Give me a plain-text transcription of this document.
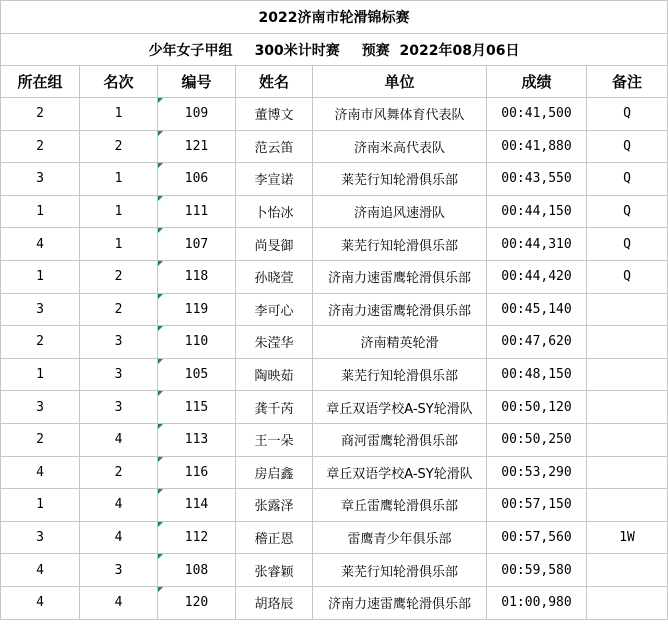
2022济南市轮滑锦标赛						
少年女子甲组 300米计时赛 预赛 2022年08月06日						
所在组	名次	编号	姓名	单位	成绩	备注
2	1	109	董博文	济南市风舞体育代表队	00:41,500	Q
2	2	121	范云笛	济南米高代表队	00:41,880	Q
3	1	106	李宣诺	莱芜行知轮滑俱乐部	00:43,550	Q
1	1	111	卜怡冰	济南追风速滑队	00:44,150	Q
4	1	107	尚旻御	莱芜行知轮滑俱乐部	00:44,310	Q
1	2	118	孙晓萱	济南力速雷鹰轮滑俱乐部	00:44,420	Q
3	2	119	李可心	济南力速雷鹰轮滑俱乐部	00:45,140	
2	3	110	朱滢华	济南精英轮滑	00:47,620	
1	3	105	陶映茹	莱芜行知轮滑俱乐部	00:48,150	
3	3	115	龚千芮	章丘双语学校A-SY轮滑队	00:50,120	
2	4	113	王一朵	商河雷鹰轮滑俱乐部	00:50,250	
4	2	116	房启鑫	章丘双语学校A-SY轮滑队	00:53,290	
1	4	114	张露泽	章丘雷鹰轮滑俱乐部	00:57,150	
3	4	112	稽正恩	雷鹰青少年俱乐部	00:57,560	1W
4	3	108	张睿颖	莱芜行知轮滑俱乐部	00:59,580	
4	4	120	胡珞辰	济南力速雷鹰轮滑俱乐部	01:00,980	
